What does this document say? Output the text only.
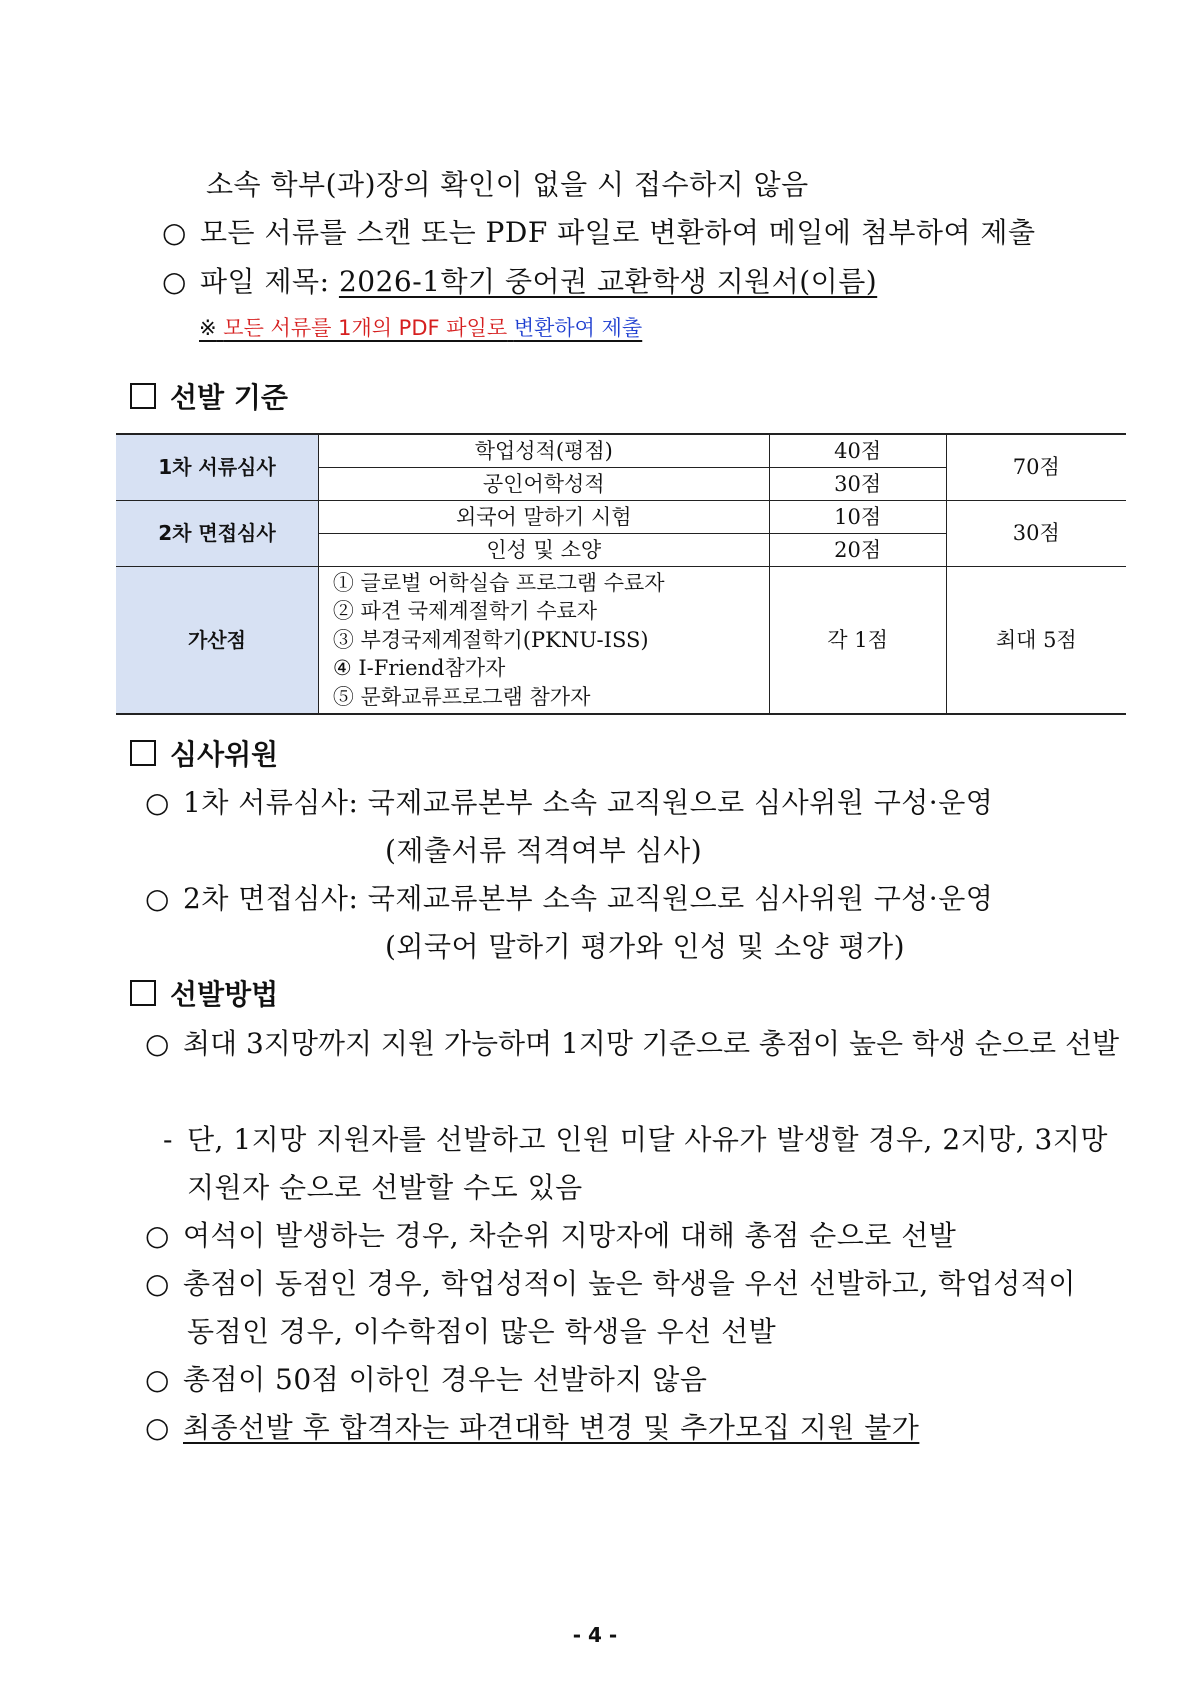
소속 학부(과)장의 확인이 없을 시 접수하지 않음
○ 모든 서류를 스캔 또는 PDF 파일로 변환하여 메일에 첨부하여 제출
○ 파일 제목: 2026-1학기 중어권 교환학생 지원서(이름)
※ 모든 서류를 1개의 PDF 파일로 변환하여 제출
선발 기준
1차 서류심사	학업성적(평점)	40점	70점
	공인어학성적	30점	
2차 면접심사	외국어 말하기 시험	10점	30점
	인성 및 소양	20점	
가산점	① 글로벌 어학실습 프로그램 수료자
② 파견 국제계절학기 수료자
③ 부경국제계절학기(PKNU-ISS)
④ I-Friend참가자
⑤ 문화교류프로그램 참가자	각 1점	최대 5점
심사위원
○ 1차 서류심사: 국제교류본부 소속 교직원으로 심사위원 구성·운영
(제출서류 적격여부 심사)
○ 2차 면접심사: 국제교류본부 소속 교직원으로 심사위원 구성·운영
(외국어 말하기 평가와 인성 및 소양 평가)
선발방법
○ 최대 3지망까지 지원 가능하며 1지망 기준으로 총점이 높은 학생 순으로 선발
- 단, 1지망 지원자를 선발하고 인원 미달 사유가 발생할 경우, 2지망, 3지망
지원자 순으로 선발할 수도 있음
○ 여석이 발생하는 경우, 차순위 지망자에 대해 총점 순으로 선발
○ 총점이 동점인 경우, 학업성적이 높은 학생을 우선 선발하고, 학업성적이
동점인 경우, 이수학점이 많은 학생을 우선 선발
○ 총점이 50점 이하인 경우는 선발하지 않음
○ 최종선발 후 합격자는 파견대학 변경 및 추가모집 지원 불가
- 4 -
